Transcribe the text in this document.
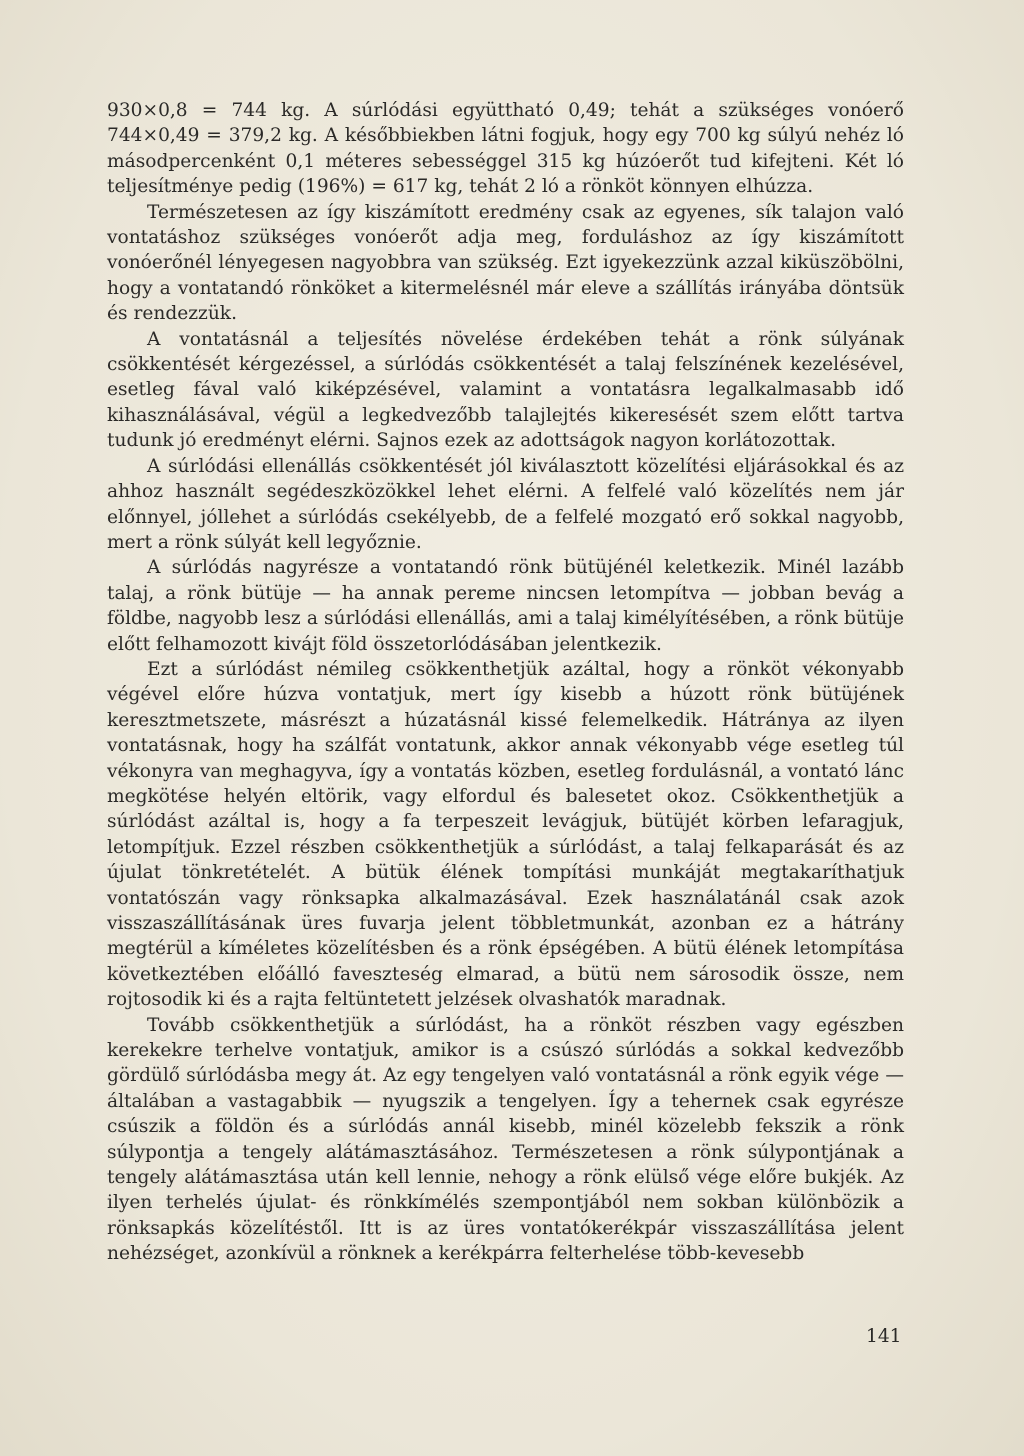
930×0,8 = 744 kg. A súrlódási együttható 0,49; tehát a szükséges vonóerő 744×0,49 = 379,2 kg. A későbbiekben látni fogjuk, hogy egy 700 kg súlyú nehéz ló másodpercenként 0,1 méteres sebességgel 315 kg húzóerőt tud kifejteni. Két ló teljesítménye pedig (196%) = 617 kg, tehát 2 ló a rönköt könnyen elhúzza.

Természetesen az így kiszámított eredmény csak az egyenes, sík talajon való vontatáshoz szükséges vonóerőt adja meg, forduláshoz az így kiszámított vonóerőnél lényegesen nagyobbra van szükség. Ezt igyekezzünk azzal kiküszöbölni, hogy a vontatandó rönköket a kitermelésnél már eleve a szállítás irányába döntsük és rendezzük.

A vontatásnál a teljesítés növelése érdekében tehát a rönk súlyának csökkentését kérgezéssel, a súrlódás csökkentését a talaj felszínének kezelésével, esetleg fával való kiképzésével, valamint a vontatásra legalkalmasabb idő kihasználásával, végül a legkedvezőbb talajlejtés kikeresését szem előtt tartva tudunk jó eredményt elérni. Sajnos ezek az adottságok nagyon korlátozottak.

A súrlódási ellenállás csökkentését jól kiválasztott közelítési eljárásokkal és az ahhoz használt segédeszközökkel lehet elérni. A felfelé való közelítés nem jár előnnyel, jóllehet a súrlódás csekélyebb, de a felfelé mozgató erő sokkal nagyobb, mert a rönk súlyát kell legyőznie.

A súrlódás nagyrésze a vontatandó rönk bütüjénél keletkezik. Minél lazább talaj, a rönk bütüje — ha annak pereme nincsen letompítva — jobban bevág a földbe, nagyobb lesz a súrlódási ellenállás, ami a talaj kimélyítésében, a rönk bütüje előtt felhamozott kivájt föld összetorlódásában jelentkezik.

Ezt a súrlódást némileg csökkenthetjük azáltal, hogy a rönköt vékonyabb végével előre húzva vontatjuk, mert így kisebb a húzott rönk bütüjének keresztmetszete, másrészt a húzatásnál kissé felemelkedik. Hátránya az ilyen vontatásnak, hogy ha szálfát vontatunk, akkor annak vékonyabb vége esetleg túl vékonyra van meghagyva, így a vontatás közben, esetleg fordulásnál, a vontató lánc megkötése helyén eltörik, vagy elfordul és balesetet okoz. Csökkenthetjük a súrlódást azáltal is, hogy a fa terpeszeit levágjuk, bütüjét körben lefaragjuk, letompítjuk. Ezzel részben csökkenthetjük a súrlódást, a talaj felkaparását és az újulat tönkretételét. A bütük élének tompítási munkáját megtakaríthatjuk vontatószán vagy rönksapka alkalmazásával. Ezek használatánál csak azok visszaszállításának üres fuvarja jelent többletmunkát, azonban ez a hátrány megtérül a kíméletes közelítésben és a rönk épségében. A bütü élének letompítása következtében előálló faveszteség elmarad, a bütü nem sárosodik össze, nem rojtosodik ki és a rajta feltüntetett jelzések olvashatók maradnak.

Tovább csökkenthetjük a súrlódást, ha a rönköt részben vagy egészben kerekekre terhelve vontatjuk, amikor is a csúszó súrlódás a sokkal kedvezőbb gördülő súrlódásba megy át. Az egy tengelyen való vontatásnál a rönk egyik vége — általában a vastagabbik — nyugszik a tengelyen. Így a tehernek csak egyrésze csúszik a földön és a súrlódás annál kisebb, minél közelebb fekszik a rönk súlypontja a tengely alátámasztásához. Természetesen a rönk súlypontjának a tengely alátámasztása után kell lennie, nehogy a rönk elülső vége előre bukjék. Az ilyen terhelés újulat- és rönkkímélés szempontjából nem sokban különbözik a rönksapkás közelítéstől. Itt is az üres vontatókerékpár visszaszállítása jelent nehézséget, azonkívül a rönknek a kerékpárra felterhelése több-kevesebb

141
